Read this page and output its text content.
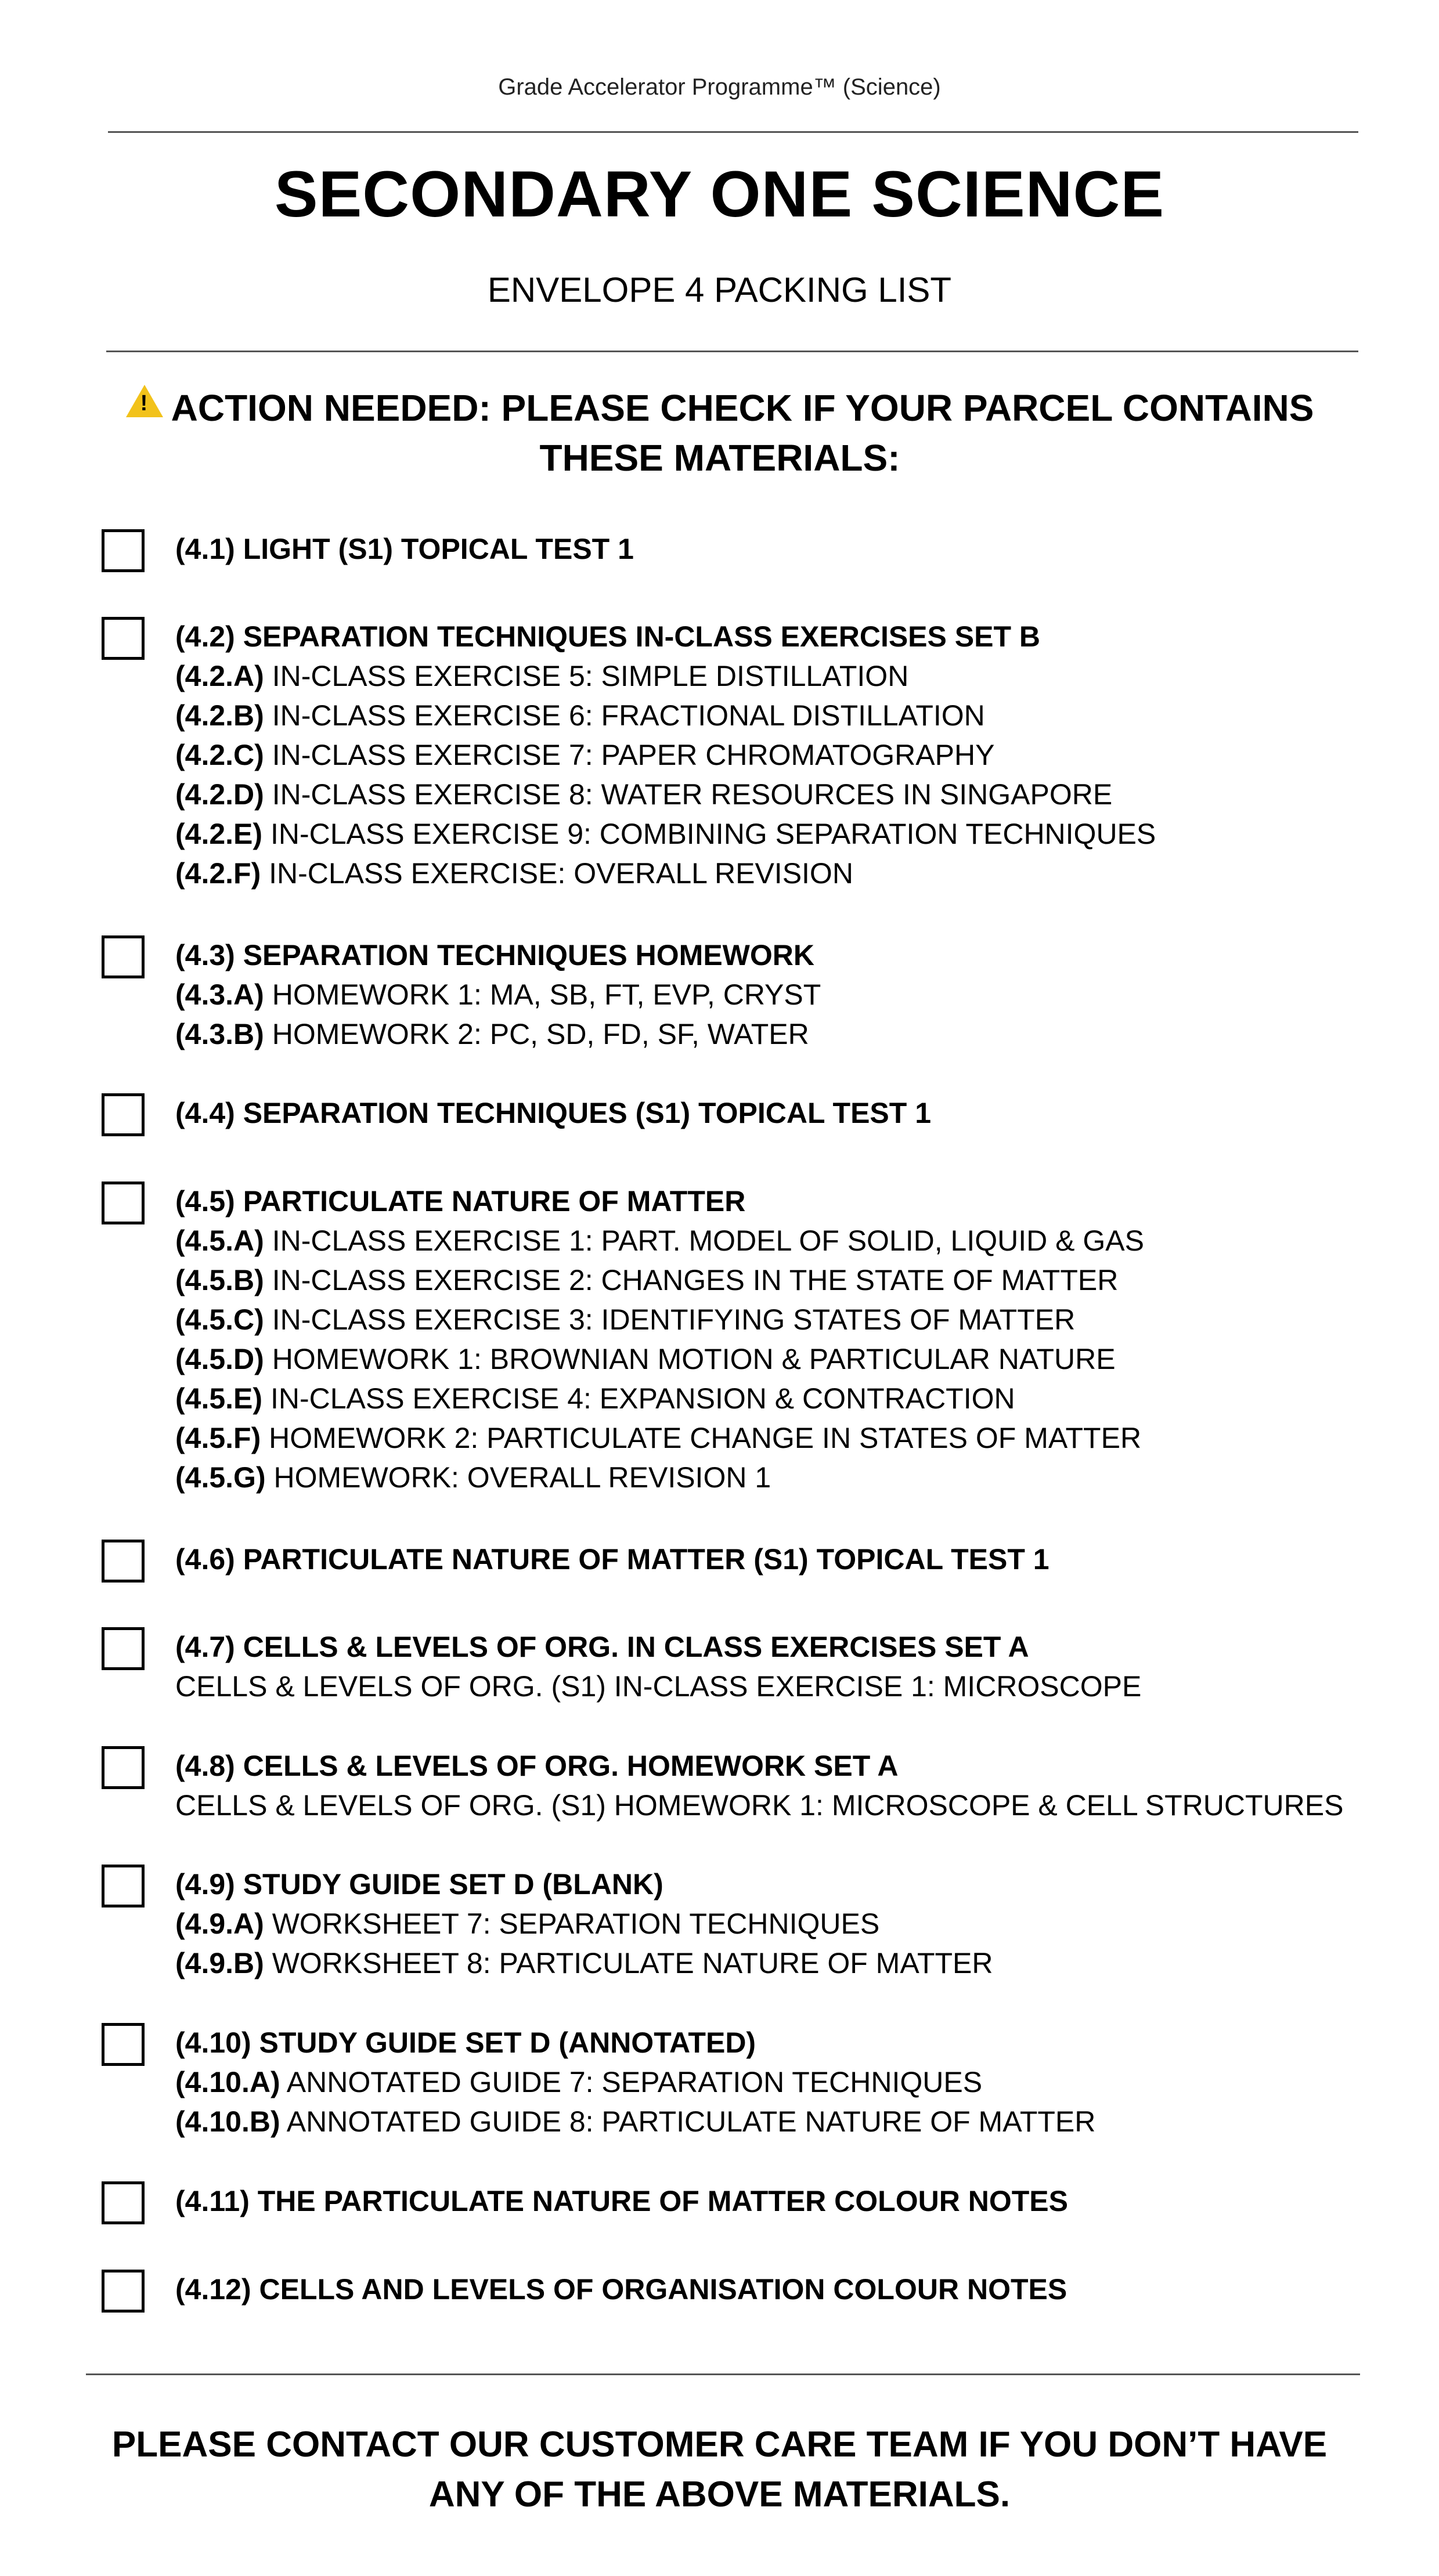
Grade Accelerator Programme™ (Science)
SECONDARY ONE SCIENCE
ENVELOPE 4 PACKING LIST
! ACTION NEEDED: PLEASE CHECK IF YOUR PARCEL CONTAINS
THESE MATERIALS:
(4.1) LIGHT (S1) TOPICAL TEST 1
(4.2) SEPARATION TECHNIQUES IN-CLASS EXERCISES SET B
(4.2.A) IN-CLASS EXERCISE 5: SIMPLE DISTILLATION
(4.2.B) IN-CLASS EXERCISE 6: FRACTIONAL DISTILLATION
(4.2.C) IN-CLASS EXERCISE 7: PAPER CHROMATOGRAPHY
(4.2.D) IN-CLASS EXERCISE 8: WATER RESOURCES IN SINGAPORE
(4.2.E) IN-CLASS EXERCISE 9: COMBINING SEPARATION TECHNIQUES
(4.2.F) IN-CLASS EXERCISE: OVERALL REVISION
(4.3) SEPARATION TECHNIQUES HOMEWORK
(4.3.A) HOMEWORK 1: MA, SB, FT, EVP, CRYST
(4.3.B) HOMEWORK 2: PC, SD, FD, SF, WATER
(4.4) SEPARATION TECHNIQUES (S1) TOPICAL TEST 1
(4.5) PARTICULATE NATURE OF MATTER
(4.5.A) IN-CLASS EXERCISE 1: PART. MODEL OF SOLID, LIQUID & GAS
(4.5.B) IN-CLASS EXERCISE 2: CHANGES IN THE STATE OF MATTER
(4.5.C) IN-CLASS EXERCISE 3: IDENTIFYING STATES OF MATTER
(4.5.D) HOMEWORK 1: BROWNIAN MOTION & PARTICULAR NATURE
(4.5.E) IN-CLASS EXERCISE 4: EXPANSION & CONTRACTION
(4.5.F) HOMEWORK 2: PARTICULATE CHANGE IN STATES OF MATTER
(4.5.G) HOMEWORK: OVERALL REVISION 1
(4.6) PARTICULATE NATURE OF MATTER (S1) TOPICAL TEST 1
(4.7) CELLS & LEVELS OF ORG. IN CLASS EXERCISES SET A
CELLS & LEVELS OF ORG. (S1) IN-CLASS EXERCISE 1: MICROSCOPE
(4.8) CELLS & LEVELS OF ORG. HOMEWORK SET A
CELLS & LEVELS OF ORG. (S1) HOMEWORK 1: MICROSCOPE & CELL STRUCTURES
(4.9) STUDY GUIDE SET D (BLANK)
(4.9.A) WORKSHEET 7: SEPARATION TECHNIQUES
(4.9.B) WORKSHEET 8: PARTICULATE NATURE OF MATTER
(4.10) STUDY GUIDE SET D (ANNOTATED)
(4.10.A) ANNOTATED GUIDE 7: SEPARATION TECHNIQUES
(4.10.B) ANNOTATED GUIDE 8: PARTICULATE NATURE OF MATTER
(4.11) THE PARTICULATE NATURE OF MATTER COLOUR NOTES
(4.12) CELLS AND LEVELS OF ORGANISATION COLOUR NOTES
PLEASE CONTACT OUR CUSTOMER CARE TEAM IF YOU DON’T HAVE
ANY OF THE ABOVE MATERIALS.
